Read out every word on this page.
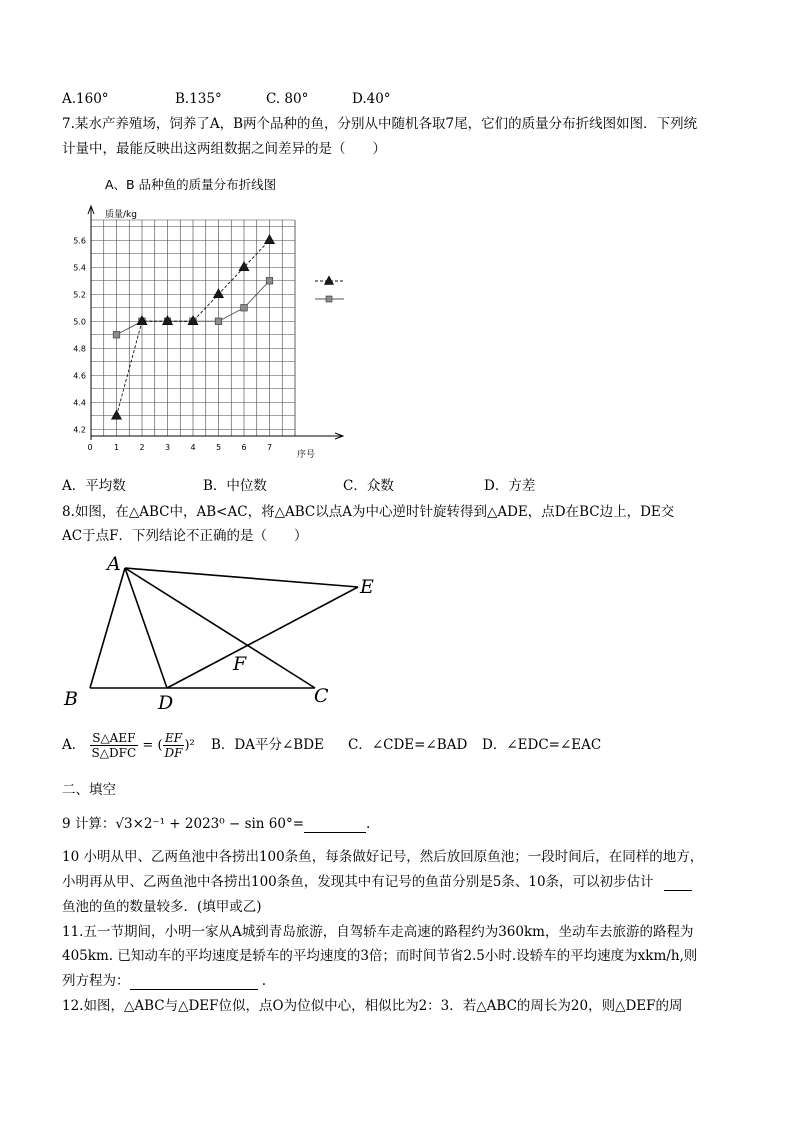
A.160°	B.135°	C. 80°	D.40°
7.某水产养殖场，饲养了A，B两个品种的鱼，分别从中随机各取7尾，它们的质量分布折线图如图．下列统
计量中，最能反映出这两组数据之间差异的是（　　）
A、B 品种鱼的质量分布折线图
质量/kg
序号
4.2
4.4
4.6
4.8
5.0
5.2
5.4
5.6
0	1	2	3	4	5	6	7
A．平均数	B．中位数	C．众数	D．方差
8.如图，在△ABC中，AB<AC，将△ABC以点A为中心逆时针旋转得到△ADE，点D在BC边上，DE交
AC于点F．下列结论不正确的是（　　）
A
B	D	C
E
F
A． $\frac{\text{S△AEF}}{\text{S△DFC}}$ = ( $\frac{EF}{DF} )^2$ B．DA平分∠BDE C．∠CDE=∠BAD D．∠EDC=∠EAC
二、填空
9 计算：√3×2⁻¹ + 2023⁰ − sin 60°=	.
10 小明从甲、乙两鱼池中各捞出100条鱼，每条做好记号，然后放回原鱼池；一段时间后，在同样的地方，
小明再从甲、乙两鱼池中各捞出100条鱼，发现其中有记号的鱼苗分别是5条、10条，可以初步估计
鱼池的鱼的数量较多．(填甲或乙)
11.五一节期间，小明一家从A城到青岛旅游，自驾轿车走高速的路程约为360km，坐动车去旅游的路程为
405km. 已知动车的平均速度是轿车的平均速度的3倍；而时间节省2.5小时.设轿车的平均速度为xkm/h,则
列方程为：	.
12.如图，△ABC与△DEF位似，点O为位似中心，相似比为2：3．若△ABC的周长为20，则△DEF的周
